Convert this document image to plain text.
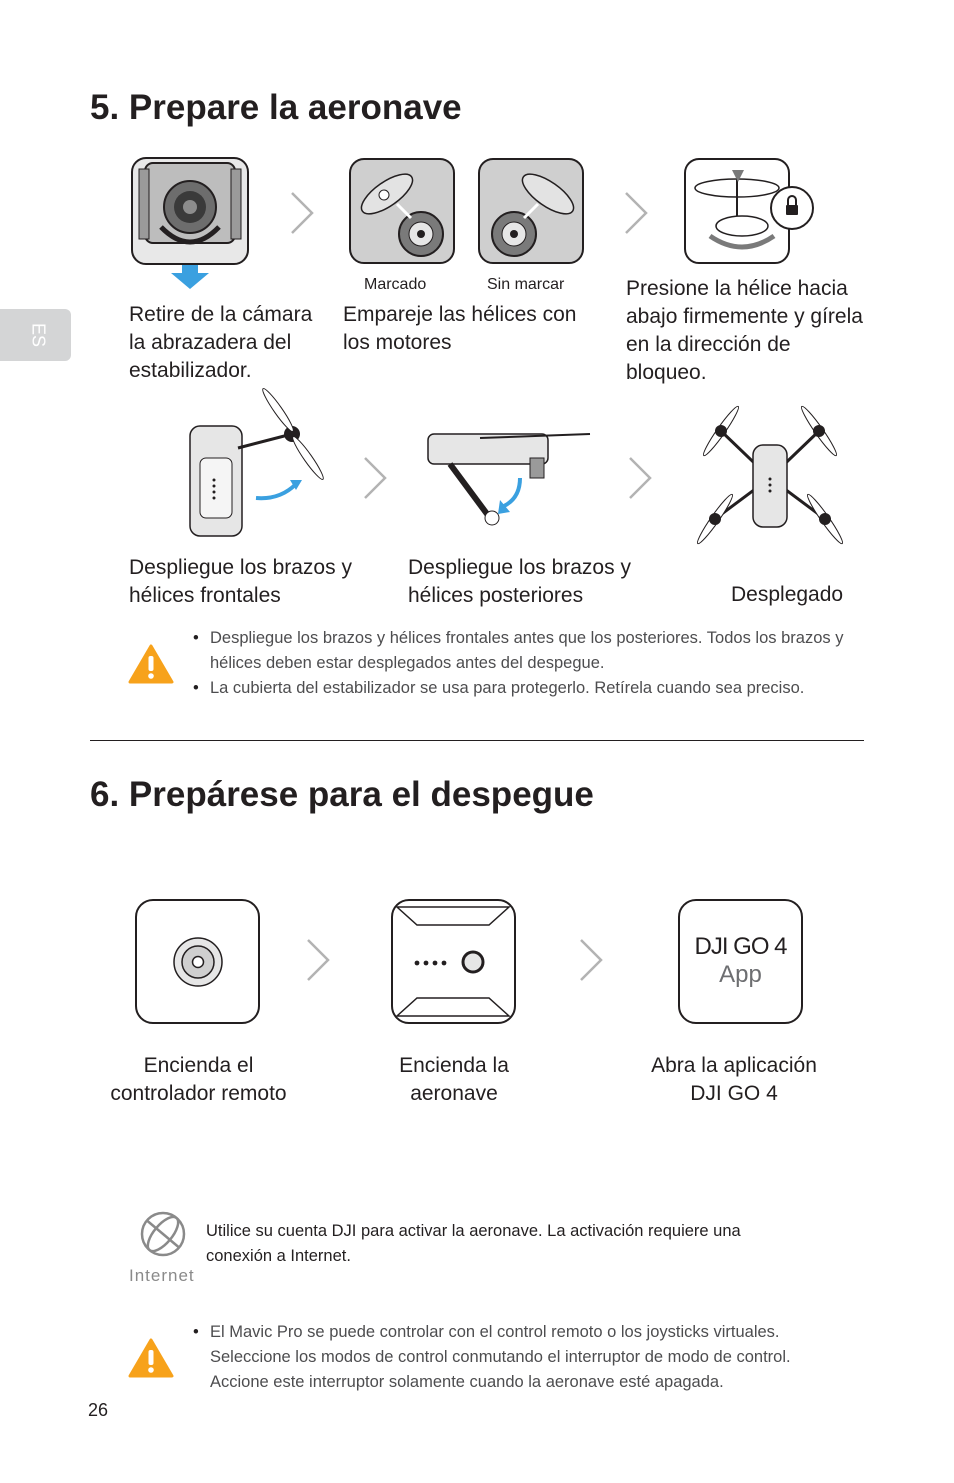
ES
5. Prepare la aeronave
Marcado	Sin marcar
Retire de la cámara la abrazadera del estabilizador.
Empareje las hélices con los motores
Presione la hélice hacia abajo firmemente y gírela en la dirección de bloqueo.
Despliegue los brazos y hélices frontales
Despliegue los brazos y hélices posteriores	Desplegado
• Despliegue los brazos y hélices frontales antes que los posteriores. Todos los brazos y hélices deben estar desplegados antes del despegue.
• La cubierta del estabilizador se usa para protegerlo. Retírela cuando sea preciso.
6. Prepárese para el despegue
DJI GO 4
App
Encienda el controlador remoto
Encienda la aeronave
Abra la aplicación DJI GO 4
Internet
Utilice su cuenta DJI para activar la aeronave. La activación requiere una conexión a Internet.
• El Mavic Pro se puede controlar con el control remoto o los joysticks virtuales. Seleccione los modos de control conmutando el interruptor de modo de control. Accione este interruptor solamente cuando la aeronave esté apagada.
26
